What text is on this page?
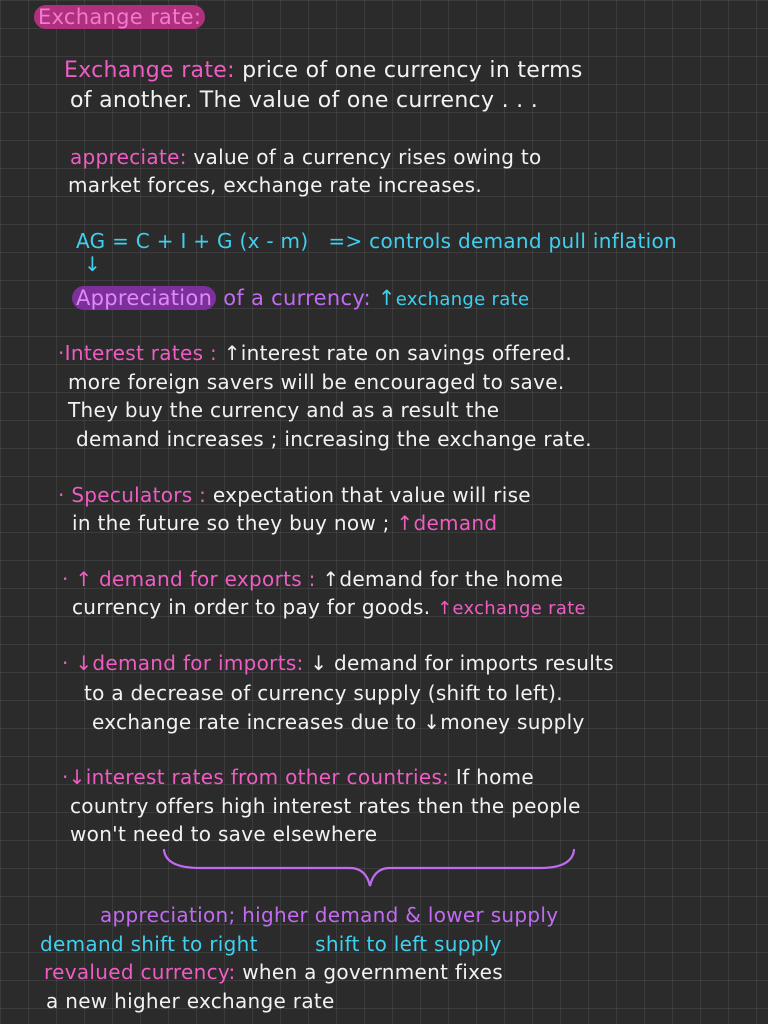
Exchange rate:
Exchange rate: price of one currency in terms
of another. The value of one currency . . .
appreciate: value of a currency rises owing to
market forces, exchange rate increases.
AG = C + I + G (x - m) => controls demand pull inflation
↓
Appreciation of a currency: ↑exchange rate
·Interest rates : ↑interest rate on savings offered.
more foreign savers will be encouraged to save.
They buy the currency and as a result the
demand increases ; increasing the exchange rate.
· Speculators : expectation that value will rise
in the future so they buy now ; ↑demand
· ↑ demand for exports : ↑demand for the home
currency in order to pay for goods. ↑exchange rate
· ↓demand for imports: ↓ demand for imports results
to a decrease of currency supply (shift to left).
exchange rate increases due to ↓money supply
·↓interest rates from other countries: If home
country offers high interest rates then the people
won't need to save elsewhere
appreciation; higher demand & lower supply
demand shift to right	shift to left supply
revalued currency: when a government fixes
a new higher exchange rate
